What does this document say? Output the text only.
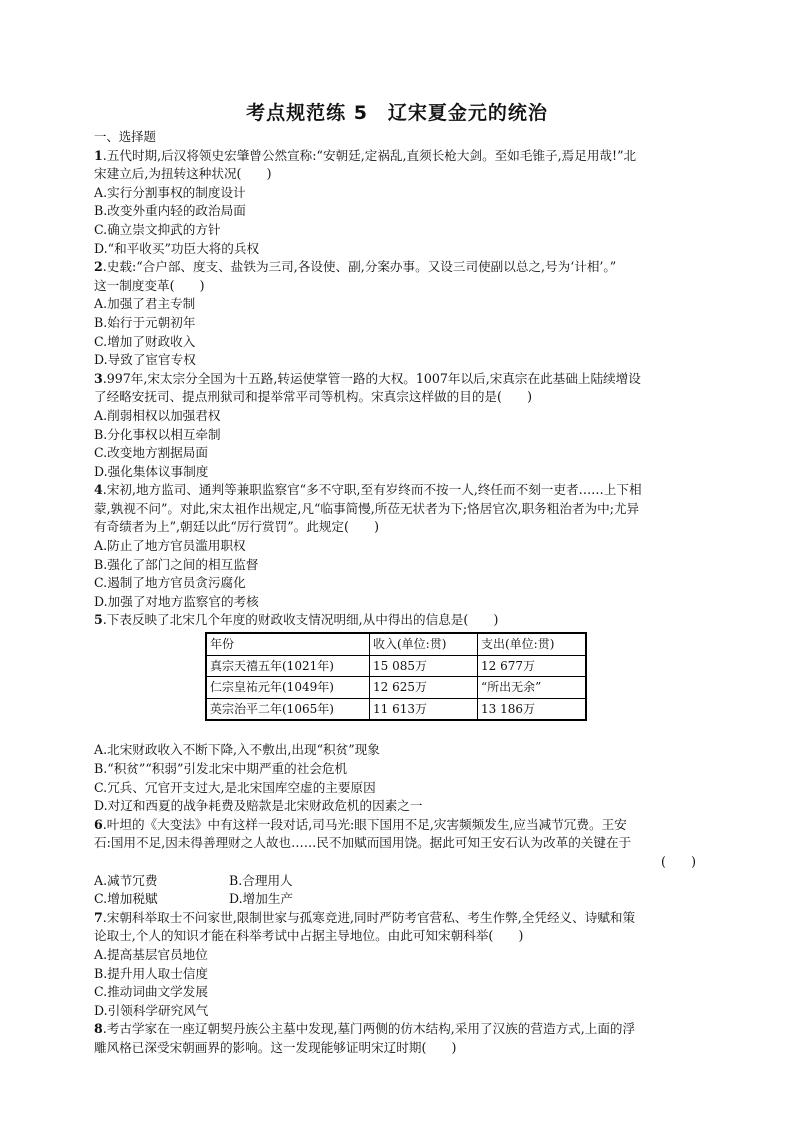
考点规范练 5　辽宋夏金元的统治
一、选择题
1.五代时期,后汉将领史宏肇曾公然宣称:“安朝廷,定祸乱,直须长枪大剑。至如毛锥子,焉足用哉!”北
宋建立后,为扭转这种状况(　　)
A.实行分割事权的制度设计
B.改变外重内轻的政治局面
C.确立崇文抑武的方针
D.“和平收买”功臣大将的兵权
2.史载:“合户部、度支、盐铁为三司,各设使、副,分案办事。又设三司使副以总之,号为‘计相’。”
这一制度变革(　　)
A.加强了君主专制
B.始行于元朝初年
C.增加了财政收入
D.导致了宦官专权
3.997年,宋太宗分全国为十五路,转运使掌管一路的大权。1007年以后,宋真宗在此基础上陆续增设
了经略安抚司、提点刑狱司和提举常平司等机构。宋真宗这样做的目的是(　　)
A.削弱相权以加强君权
B.分化事权以相互牵制
C.改变地方割据局面
D.强化集体议事制度
4.宋初,地方监司、通判等兼职监察官“多不守职,至有岁终而不按一人,终任而不刻一吏者……上下相
蒙,孰视不问”。对此,宋太祖作出规定,凡“临事简慢,所莅无状者为下;恪居官次,职务粗治者为中;尤异
有奇绩者为上”,朝廷以此“厉行赏罚”。此规定(　　)
A.防止了地方官员滥用职权
B.强化了部门之间的相互监督
C.遏制了地方官员贪污腐化
D.加强了对地方监察官的考核
5.下表反映了北宋几个年度的财政收支情况明细,从中得出的信息是(　　)
年份	收入(单位:贯)	支出(单位:贯)
真宗天禧五年(1021年)	15 085万	12 677万
仁宗皇祐元年(1049年)	12 625万	“所出无余”
英宗治平二年(1065年)	11 613万	13 186万
A.北宋财政收入不断下降,入不敷出,出现“积贫”现象
B.“积贫”“积弱”引发北宋中期严重的社会危机
C.冗兵、冗官开支过大,是北宋国库空虚的主要原因
D.对辽和西夏的战争耗费及赔款是北宋财政危机的因素之一
6.叶坦的《大变法》中有这样一段对话,司马光:眼下国用不足,灾害频频发生,应当减节冗费。王安
石:国用不足,因未得善理财之人故也……民不加赋而国用饶。据此可知王安石认为改革的关键在于
(　　)
A.减节冗费	B.合理用人
C.增加税赋	D.增加生产
7.宋朝科举取士不问家世,限制世家与孤寒竞进,同时严防考官营私、考生作弊,全凭经义、诗赋和策
论取士,个人的知识才能在科举考试中占据主导地位。由此可知宋朝科举(　　)
A.提高基层官员地位
B.提升用人取士信度
C.推动词曲文学发展
D.引领科学研究风气
8.考古学家在一座辽朝契丹族公主墓中发现,墓门两侧的仿木结构,采用了汉族的营造方式,上面的浮
雕风格已深受宋朝画界的影响。这一发现能够证明宋辽时期(　　)
